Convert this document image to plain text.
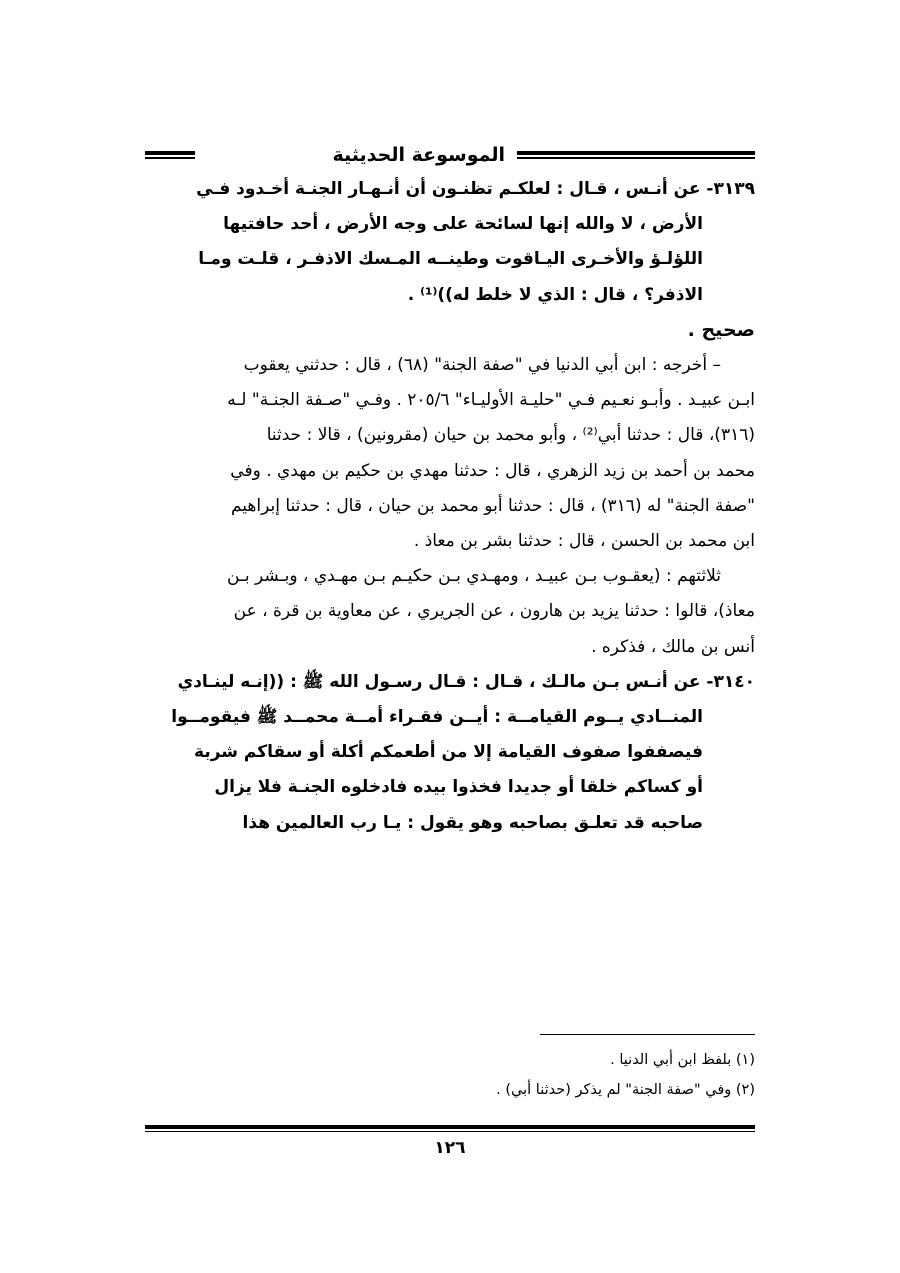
الموسوعة الحديثية
٣١٣٩- عن أنـس ، قـال : لعلكـم تظنـون أن أنـهـار الجنـة أخـدود فـي
الأرض ، لا والله إنها لسائحة على وجه الأرض ، أحد حافتيها
اللؤلـؤ والأخـرى اليـاقوت وطينــه المـسك الاذفـر ، قلـت ومـا
الاذفر؟ ، قال : الذي لا خلط له))⁽¹⁾ .
صحيح .
– أخرجه : ابن أبي الدنيا في "صفة الجنة" (٦٨) ، قال : حدثني يعقوب
ابـن عبيـد . وأبـو نعـيم فـي "حليـة الأوليـاء" ٢٠٥/٦ . وفـي "صـفة الجنـة" لـه
(٣١٦)، قال : حدثنا أبي⁽²⁾ ، وأبو محمد بن حيان (مقرونين) ، قالا : حدثنا
محمد بن أحمد بن زيد الزهري ، قال : حدثنا مهدي بن حكيم بن مهدي . وفي
"صفة الجنة" له (٣١٦) ، قال : حدثنا أبو محمد بن حيان ، قال : حدثنا إبراهيم
ابن محمد بن الحسن ، قال : حدثنا بشر بن معاذ .
ثلاثتهم : (يعقـوب بـن عبيـد ، ومهـدي بـن حكيـم بـن مهـدي ، وبـشر بـن
معاذ)، قالوا : حدثنا يزيد بن هارون ، عن الجريري ، عن معاوية بن قرة ، عن
أنس بن مالك ، فذكره .
٣١٤٠- عن أنـس بـن مالـك ، قـال : قـال رسـول الله ﷺ : ((إنـه لينـادي
المنــادي يــوم القيامــة : أيــن فقـراء أمــة محمــد ﷺ فيقومــوا
فيصففوا صفوف القيامة إلا من أطعمكم أكلة أو سقاكم شربة
أو كساكم خلقا أو جديدا فخذوا بيده فادخلوه الجنـة فلا يزال
صاحبه قد تعلـق بصاحبه وهو يقول : يـا رب العالمين هذا
(١) بلفظ ابن أبي الدنيا .
(٢) وفي "صفة الجنة" لم يذكر (حدثنا أبي) .
١٢٦
